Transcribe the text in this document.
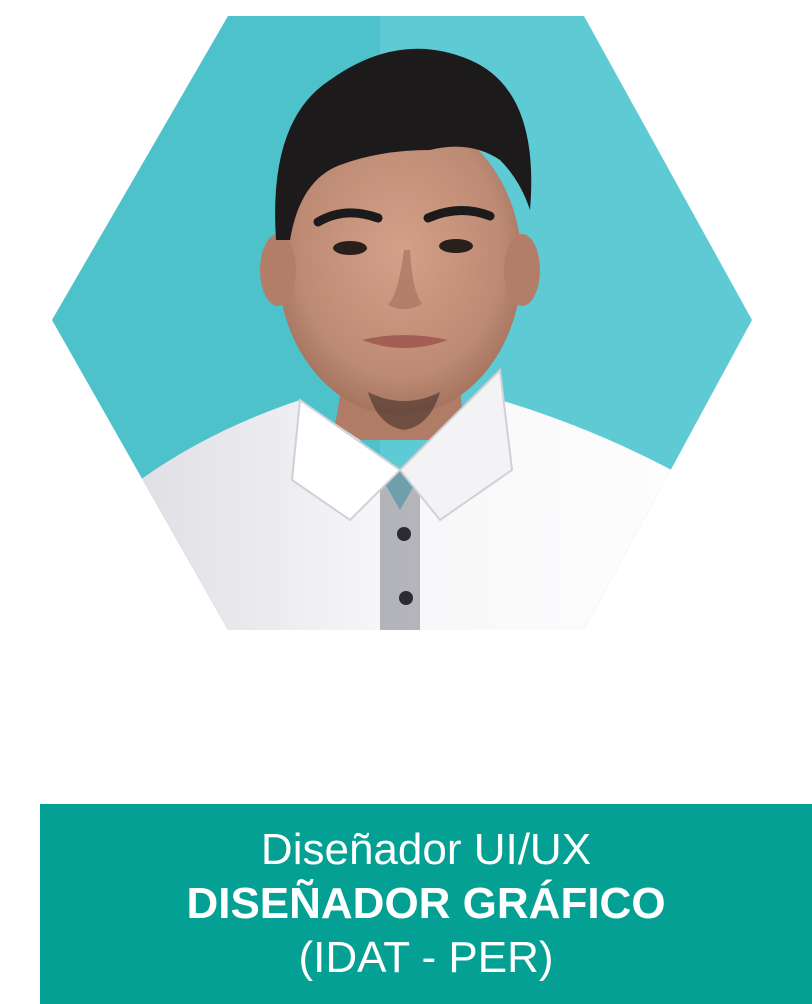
Diseñador UI/UX
DISEÑADOR GRÁFICO
(IDAT - PER)
